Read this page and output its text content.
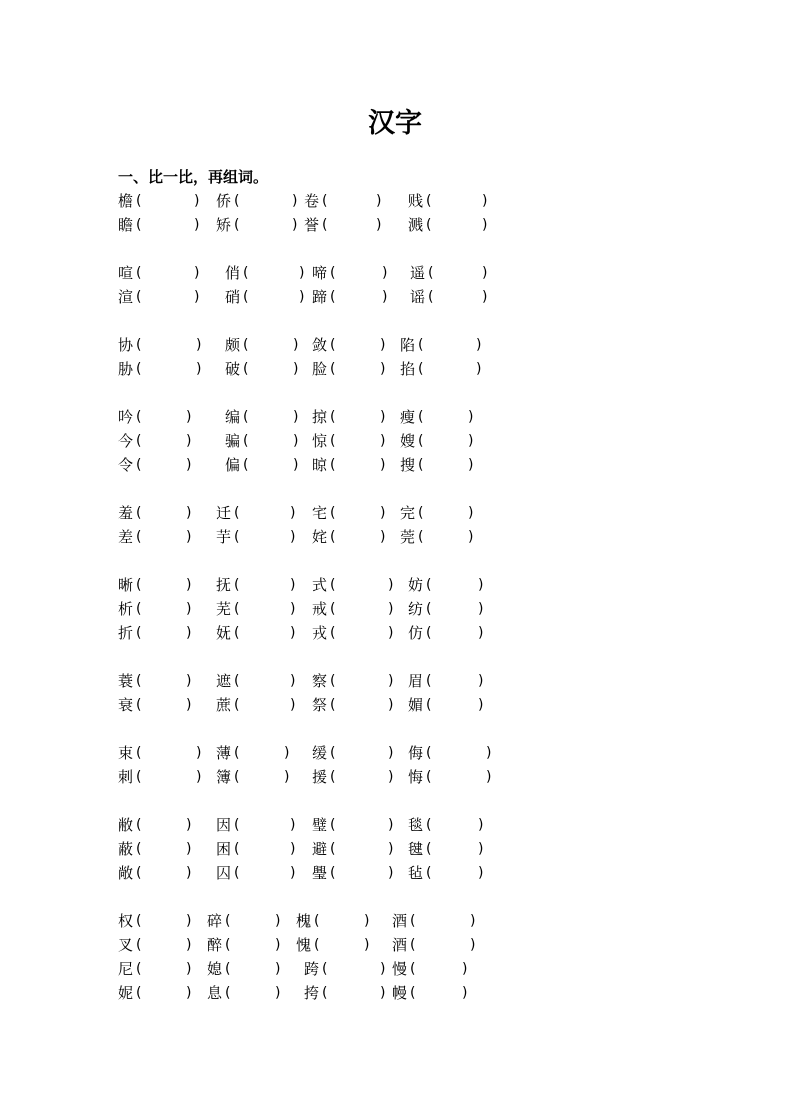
汉字
一、比一比，再组词。
檐 (	) 侨 (	) 卷 (	) 贱 (	)
瞻 (	) 矫 (	) 誉 (	) 溅 (	)
喧 (	) 俏 (	) 啼 (	) 遥 (	)
渲 (	) 硝 (	) 蹄 (	) 谣 (	)
协 (	) 颇 (	) 敛 (	) 陷 (	)
胁 (	) 破 (	) 脸 (	) 掐 (	)
吟 (	) 编 (	) 掠 (	) 瘦 (	)
今 (	) 骗 (	) 惊 (	) 嫂 (	)
令 (	) 偏 (	) 晾 (	) 搜 (	)
羞 (	) 迁 (	) 宅 (	) 完 (	)
差 (	) 芋 (	) 姹 (	) 莞 (	)
晰 (	) 抚 (	) 式 (	) 妨 (	)
析 (	) 芜 (	) 戒 (	) 纺 (	)
折 (	) 妩 (	) 戎 (	) 仿 (	)
蓑 (	) 遮 (	) 察 (	) 眉 (	)
衰 (	) 蔗 (	) 祭 (	) 媚 (	)
束 (	) 薄 (	) 缓 (	) 侮 (	)
刺 (	) 簿 (	) 援 (	) 悔 (	)
敝 (	) 因 (	) 璧 (	) 毯 (	)
蔽 (	) 困 (	) 避 (	) 毽 (	)
敞 (	) 囚 (	) 璺 (	) 毡 (	)
权 (	) 碎 (	) 槐 (	) 酒 (	)
叉 (	) 醉 (	) 愧 (	) 酒 (	)
尼 (	) 媳 (	) 跨 (	) 慢 (	)
妮 (	) 息 (	) 挎 (	) 幔 (	)
